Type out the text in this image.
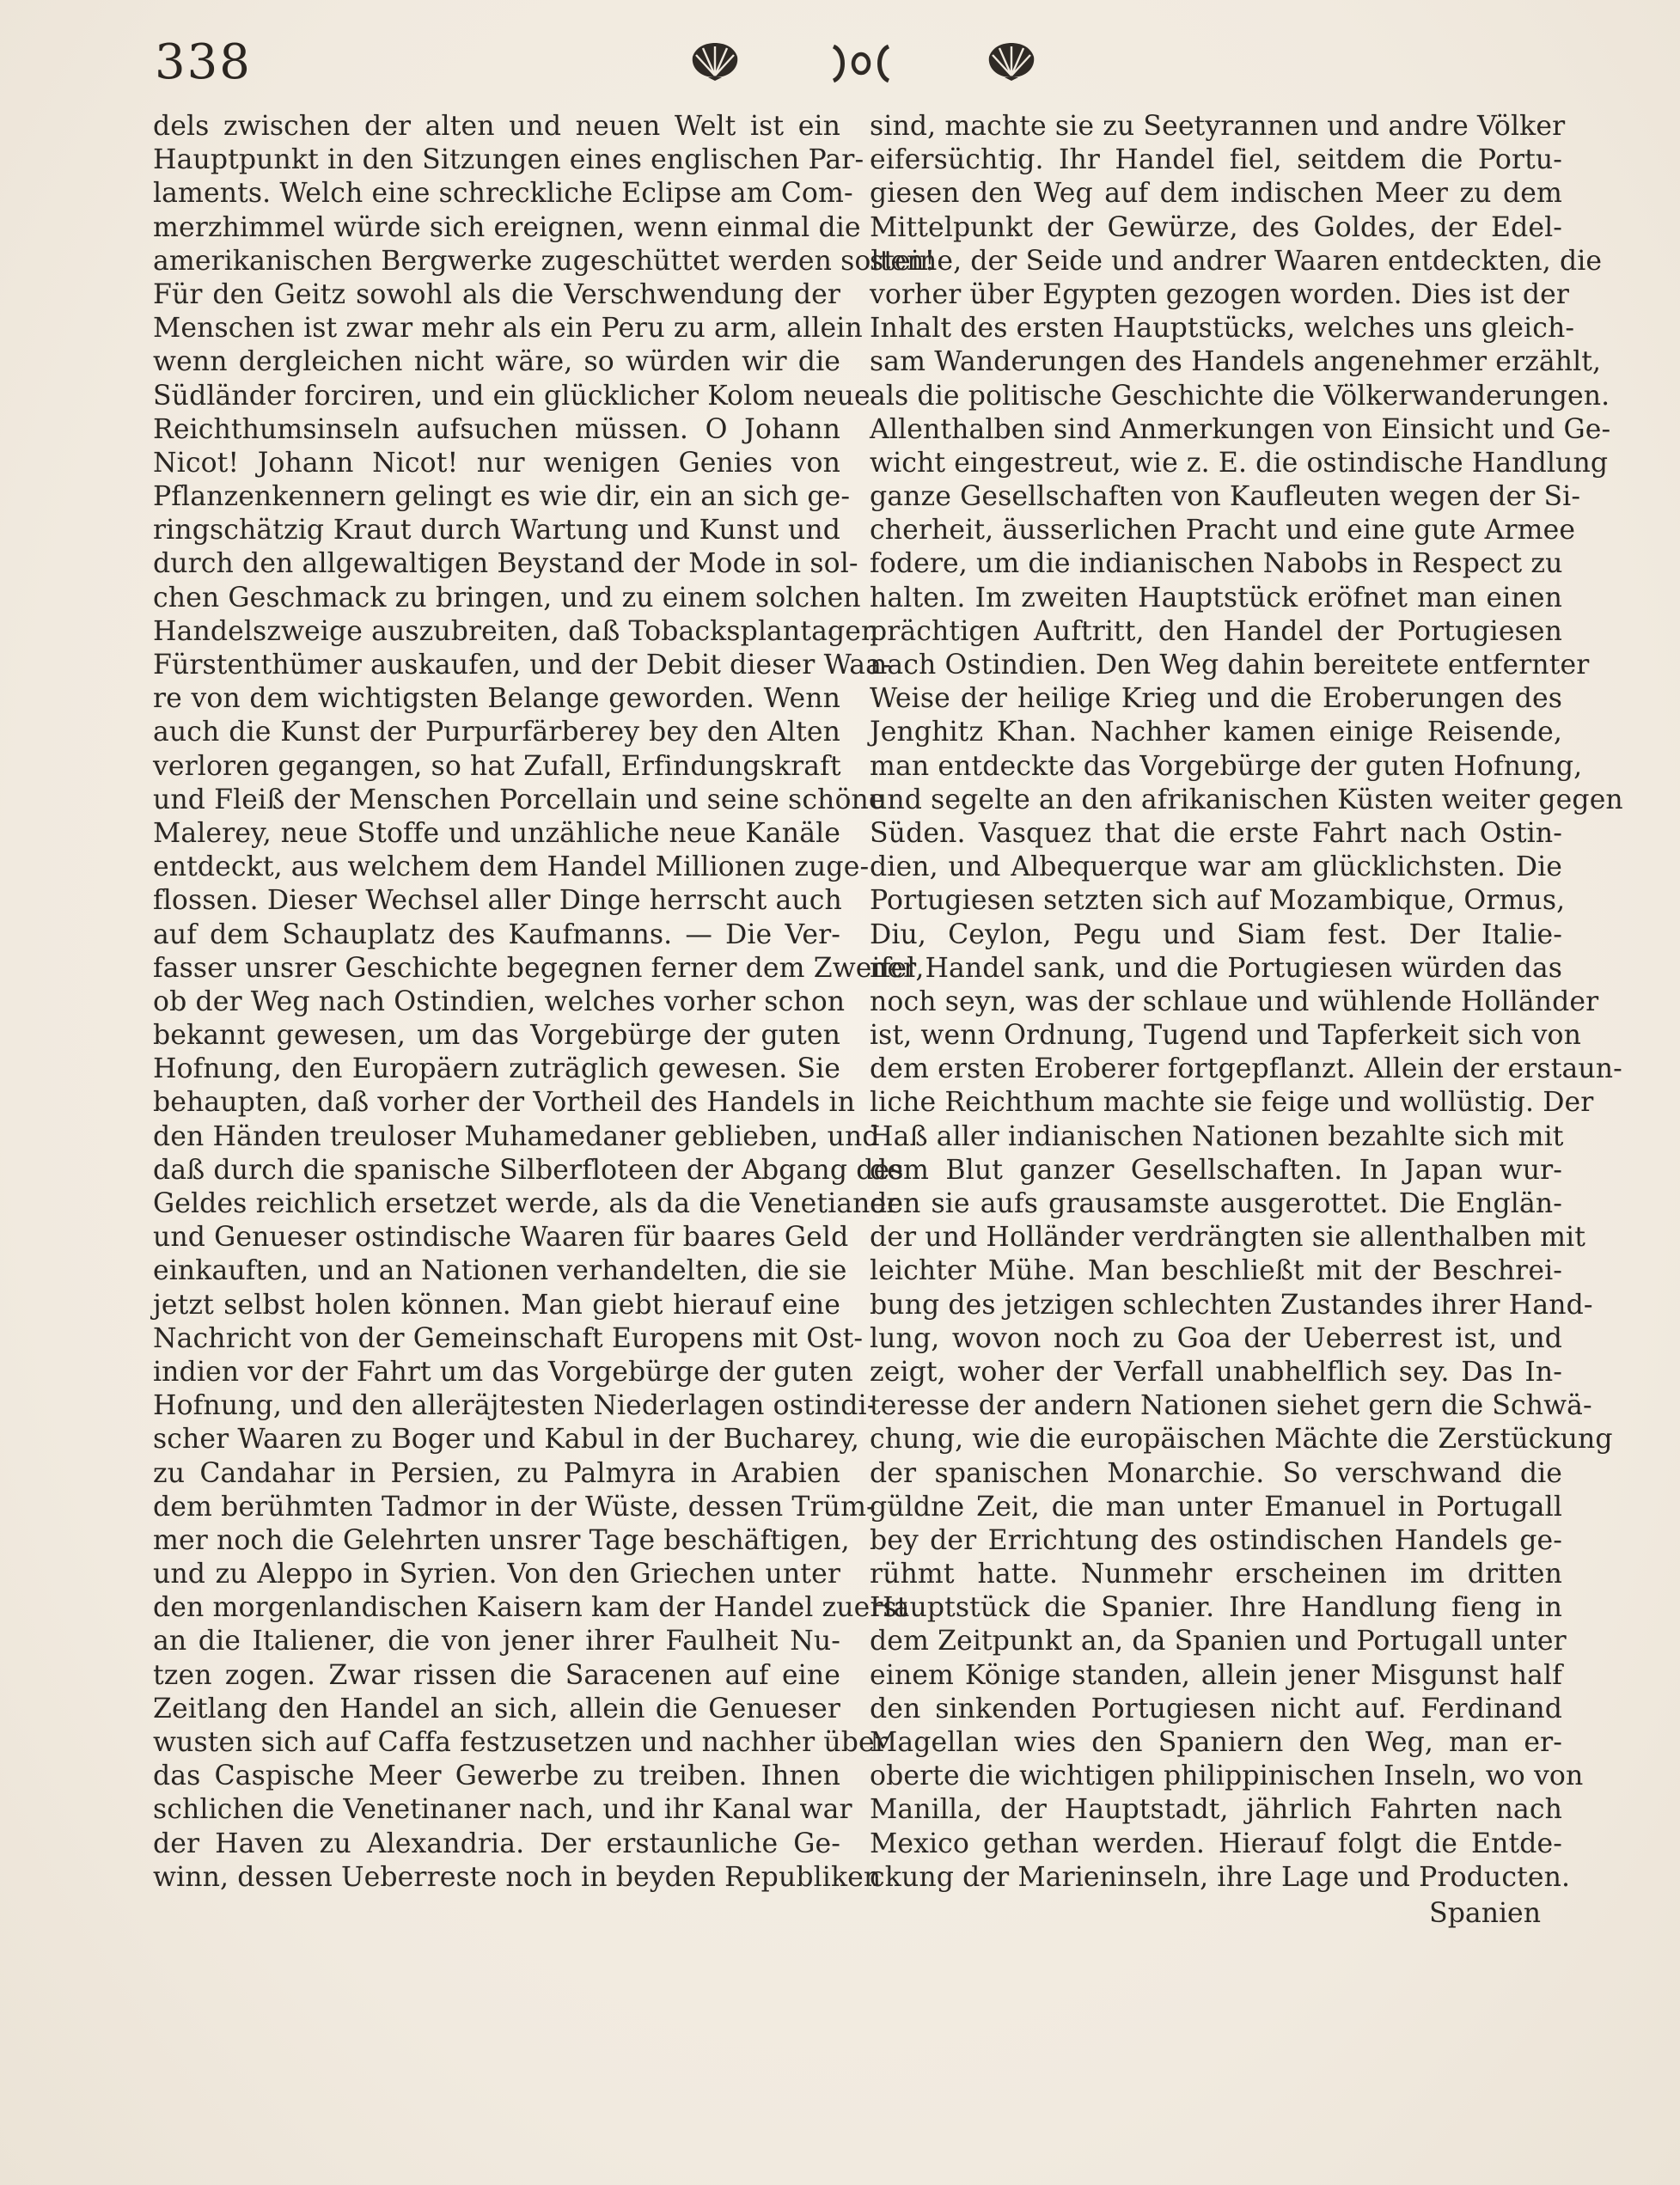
338
dels zwischen der alten und neuen Welt ist ein
Hauptpunkt in den Sitzungen eines englischen Par-
laments. Welch eine schreckliche Eclipse am Com-
merzhimmel würde sich ereignen, wenn einmal die
amerikanischen Bergwerke zugeschüttet werden solten!
Für den Geitz sowohl als die Verschwendung der
Menschen ist zwar mehr als ein Peru zu arm, allein
wenn dergleichen nicht wäre, so würden wir die
Südländer forciren, und ein glücklicher Kolom neue
Reichthumsinseln aufsuchen müssen. O Johann
Nicot! Johann Nicot! nur wenigen Genies von
Pflanzenkennern gelingt es wie dir, ein an sich ge-
ringschätzig Kraut durch Wartung und Kunst und
durch den allgewaltigen Beystand der Mode in sol-
chen Geschmack zu bringen, und zu einem solchen
Handelszweige auszubreiten, daß Tobacksplantagen
Fürstenthümer auskaufen, und der Debit dieser Waa-
re von dem wichtigsten Belange geworden. Wenn
auch die Kunst der Purpurfärberey bey den Alten
verloren gegangen, so hat Zufall, Erfindungskraft
und Fleiß der Menschen Porcellain und seine schöne
Malerey, neue Stoffe und unzähliche neue Kanäle
entdeckt, aus welchem dem Handel Millionen zuge-
flossen. Dieser Wechsel aller Dinge herrscht auch
auf dem Schauplatz des Kaufmanns. — Die Ver-
fasser unsrer Geschichte begegnen ferner dem Zweifel,
ob der Weg nach Ostindien, welches vorher schon
bekannt gewesen, um das Vorgebürge der guten
Hofnung, den Europäern zuträglich gewesen. Sie
behaupten, daß vorher der Vortheil des Handels in
den Händen treuloser Muhamedaner geblieben, und
daß durch die spanische Silberfloteen der Abgang des
Geldes reichlich ersetzet werde, als da die Venetianer
und Genueser ostindische Waaren für baares Geld
einkauften, und an Nationen verhandelten, die sie
jetzt selbst holen können. Man giebt hierauf eine
Nachricht von der Gemeinschaft Europens mit Ost-
indien vor der Fahrt um das Vorgebürge der guten
Hofnung, und den alleräjtesten Niederlagen ostindi-
scher Waaren zu Boger und Kabul in der Bucharey,
zu Candahar in Persien, zu Palmyra in Arabien
dem berühmten Tadmor in der Wüste, dessen Trüm-
mer noch die Gelehrten unsrer Tage beschäftigen,
und zu Aleppo in Syrien. Von den Griechen unter
den morgenlandischen Kaisern kam der Handel zuerst
an die Italiener, die von jener ihrer Faulheit Nu-
tzen zogen. Zwar rissen die Saracenen auf eine
Zeitlang den Handel an sich, allein die Genueser
wusten sich auf Caffa festzusetzen und nachher über
das Caspische Meer Gewerbe zu treiben. Ihnen
schlichen die Venetinaner nach, und ihr Kanal war
der Haven zu Alexandria. Der erstaunliche Ge-
winn, dessen Ueberreste noch in beyden Republiken
sind, machte sie zu Seetyrannen und andre Völker
eifersüchtig. Ihr Handel fiel, seitdem die Portu-
giesen den Weg auf dem indischen Meer zu dem
Mittelpunkt der Gewürze, des Goldes, der Edel-
steine, der Seide und andrer Waaren entdeckten, die
vorher über Egypten gezogen worden. Dies ist der
Inhalt des ersten Hauptstücks, welches uns gleich-
sam Wanderungen des Handels angenehmer erzählt,
als die politische Geschichte die Völkerwanderungen.
Allenthalben sind Anmerkungen von Einsicht und Ge-
wicht eingestreut, wie z. E. die ostindische Handlung
ganze Gesellschaften von Kaufleuten wegen der Si-
cherheit, äusserlichen Pracht und eine gute Armee
fodere, um die indianischen Nabobs in Respect zu
halten. Im zweiten Hauptstück eröfnet man einen
prächtigen Auftritt, den Handel der Portugiesen
nach Ostindien. Den Weg dahin bereitete entfernter
Weise der heilige Krieg und die Eroberungen des
Jenghitz Khan. Nachher kamen einige Reisende,
man entdeckte das Vorgebürge der guten Hofnung,
und segelte an den afrikanischen Küsten weiter gegen
Süden. Vasquez that die erste Fahrt nach Ostin-
dien, und Albequerque war am glücklichsten. Die
Portugiesen setzten sich auf Mozambique, Ormus,
Diu, Ceylon, Pegu und Siam fest. Der Italie-
ner Handel sank, und die Portugiesen würden das
noch seyn, was der schlaue und wühlende Holländer
ist, wenn Ordnung, Tugend und Tapferkeit sich von
dem ersten Eroberer fortgepflanzt. Allein der erstaun-
liche Reichthum machte sie feige und wollüstig. Der
Haß aller indianischen Nationen bezahlte sich mit
dem Blut ganzer Gesellschaften. In Japan wur-
den sie aufs grausamste ausgerottet. Die Englän-
der und Holländer verdrängten sie allenthalben mit
leichter Mühe. Man beschließt mit der Beschrei-
bung des jetzigen schlechten Zustandes ihrer Hand-
lung, wovon noch zu Goa der Ueberrest ist, und
zeigt, woher der Verfall unabhelflich sey. Das In-
teresse der andern Nationen siehet gern die Schwä-
chung, wie die europäischen Mächte die Zerstückung
der spanischen Monarchie. So verschwand die
güldne Zeit, die man unter Emanuel in Portugall
bey der Errichtung des ostindischen Handels ge-
rühmt hatte. Nunmehr erscheinen im dritten
Hauptstück die Spanier. Ihre Handlung fieng in
dem Zeitpunkt an, da Spanien und Portugall unter
einem Könige standen, allein jener Misgunst half
den sinkenden Portugiesen nicht auf. Ferdinand
Magellan wies den Spaniern den Weg, man er-
oberte die wichtigen philippinischen Inseln, wo von
Manilla, der Hauptstadt, jährlich Fahrten nach
Mexico gethan werden. Hierauf folgt die Entde-
ckung der Marieninseln, ihre Lage und Producten.
Spanien
